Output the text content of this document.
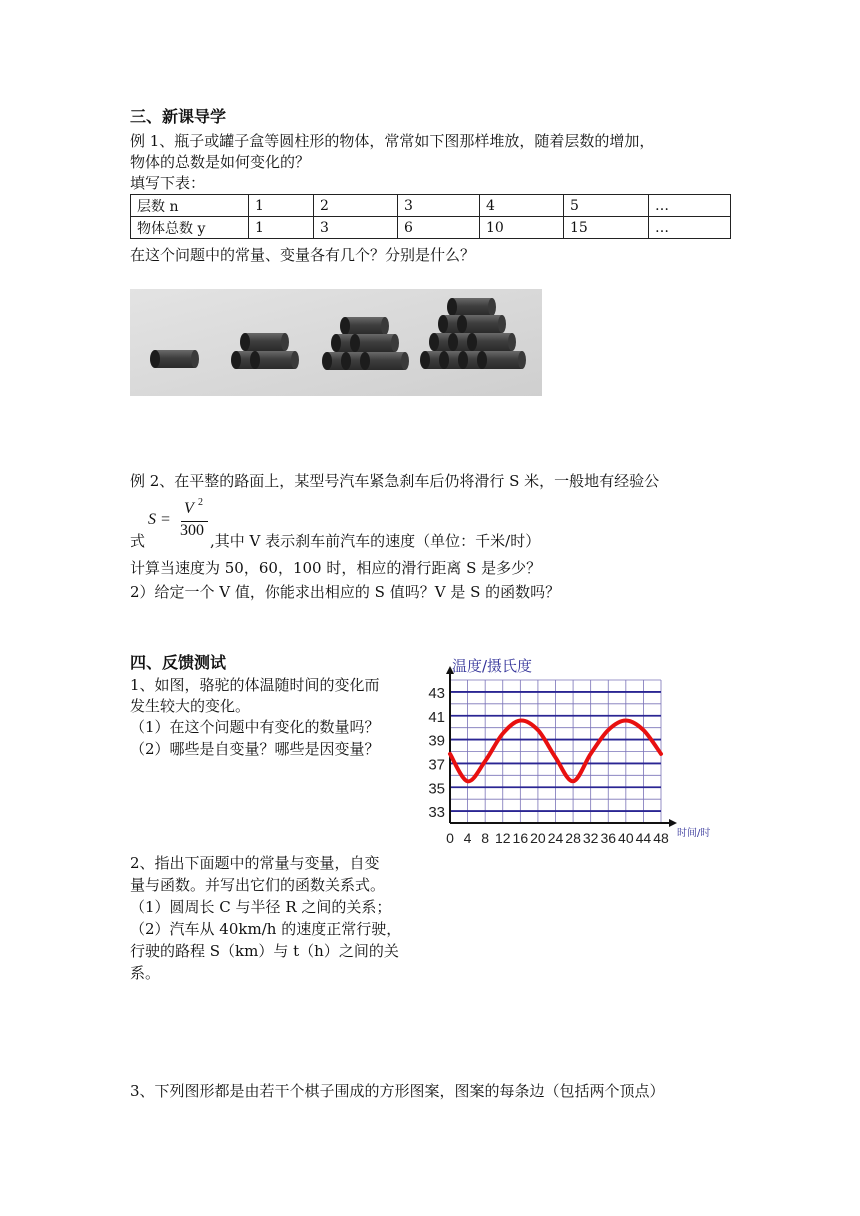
三、新课导学
例 1、瓶子或罐子盒等圆柱形的物体，常常如下图那样堆放，随着层数的增加，
物体的总数是如何变化的？
填写下表：
层数 n	1	2	3	4	5	…
物体总数 y	1	3	6	10	15	…
在这个问题中的常量、变量各有几个？分别是什么？
例 2、在平整的路面上，某型号汽车紧急刹车后仍将滑行 S 米，一般地有经验公
S =
V 2
300
式	,其中 V 表示刹车前汽车的速度（单位：千米/时）
计算当速度为 50，60，100 时，相应的滑行距离 S 是多少？
2）给定一个 V 值，你能求出相应的 S 值吗？V 是 S 的函数吗？
四、反馈测试
1、如图，骆驼的体温随时间的变化而
发生较大的变化。
（1）在这个问题中有变化的数量吗？
（2）哪些是自变量？哪些是因变量？
33
35
37
39
41
43
0 4 8 12 16 20 24 28 32 36 40 44 48
温度/摄氏度
时间/时
2、指出下面题中的常量与变量，自变
量与函数。并写出它们的函数关系式。
（1）圆周长 C 与半径 R 之间的关系；
（2）汽车从 40km/h 的速度正常行驶，
行驶的路程 S（km）与 t（h）之间的关
系。
3、下列图形都是由若干个棋子围成的方形图案，图案的每条边（包括两个顶点）
